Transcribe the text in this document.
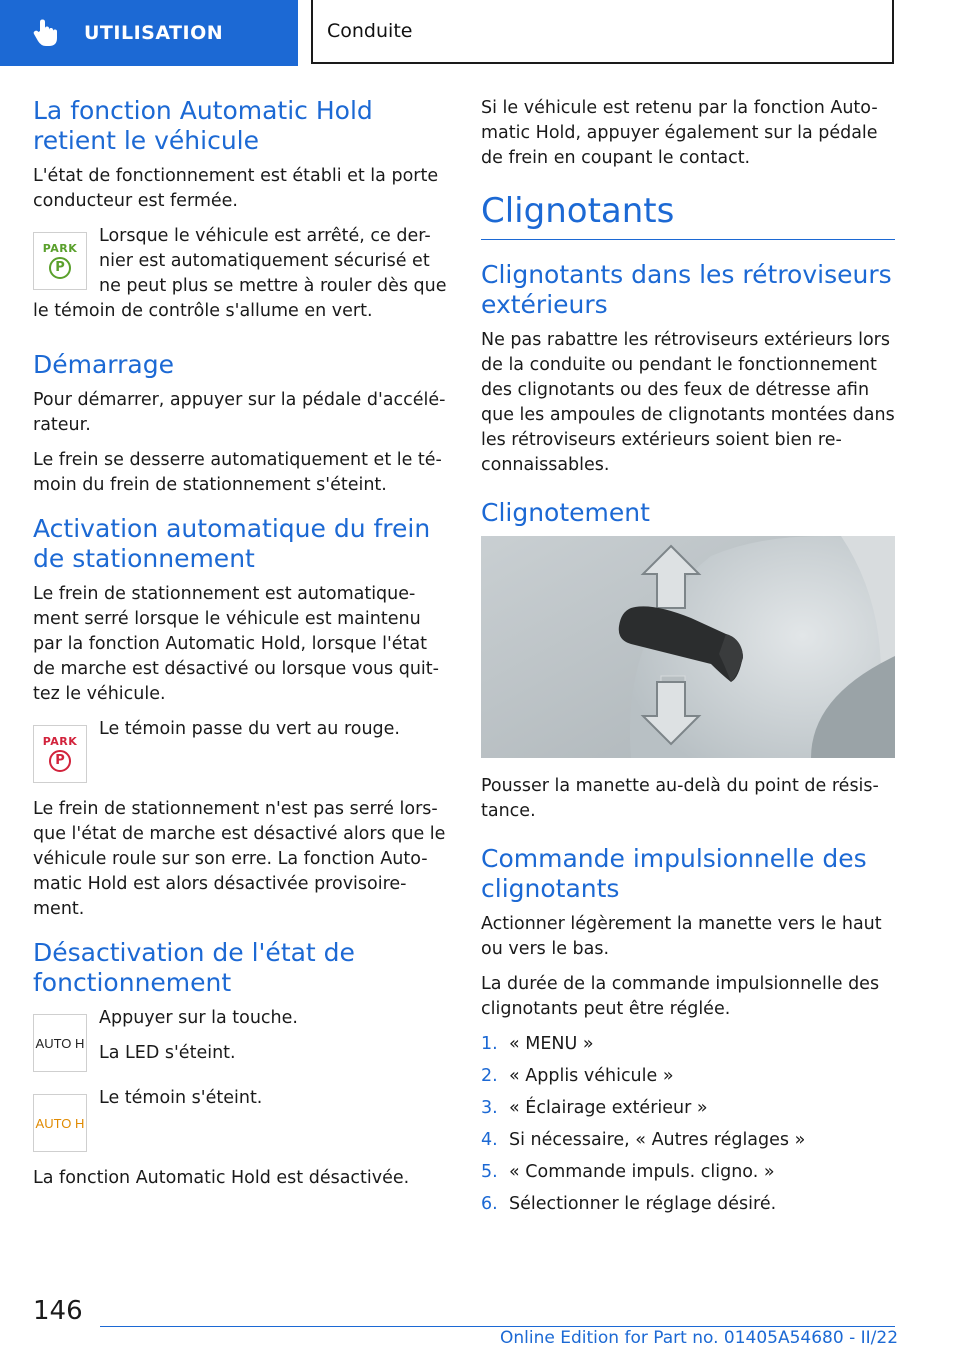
UTILISATION	Conduite
La fonction Automatic Hold retient le véhicule

L'état de fonctionnement est établi et la porte conducteur est fermée.

PARK
P

Lorsque le véhicule est arrêté, ce der-nier est automatiquement sécurisé et ne peut plus se mettre à rouler dès que le témoin de contrôle s'allume en vert.

Démarrage

Pour démarrer, appuyer sur la pédale d'accélé-rateur.

Le frein se desserre automatiquement et le té-moin du frein de stationnement s'éteint.

Activation automatique du frein de stationnement

Le frein de stationnement est automatique-ment serré lorsque le véhicule est maintenu par la fonction Automatic Hold, lorsque l'état de marche est désactivé ou lorsque vous quit-tez le véhicule.

PARK
P

Le témoin passe du vert au rouge.

Le frein de stationnement n'est pas serré lors-que l'état de marche est désactivé alors que le véhicule roule sur son erre. La fonction Auto-matic Hold est alors désactivée provisoire-ment.

Désactivation de l'état de fonctionnement
AUTO H

Appuyer sur la touche.

La LED s'éteint.

AUTO H

Le témoin s'éteint.

La fonction Automatic Hold est désactivée.

Si le véhicule est retenu par la fonction Auto-matic Hold, appuyer également sur la pédale de frein en coupant le contact.

Clignotants
Clignotants dans les rétroviseurs extérieurs

Ne pas rabattre les rétroviseurs extérieurs lors de la conduite ou pendant le fonctionnement des clignotants ou des feux de détresse afin que les ampoules de clignotants montées dans les rétroviseurs extérieurs soient bien re-connaissables.

Clignotement

Pousser la manette au-delà du point de résis-tance.

Commande impulsionnelle des clignotants

Actionner légèrement la manette vers le haut ou vers le bas.

La durée de la commande impulsionnelle des clignotants peut être réglée.

1. « MENU »
2. « Applis véhicule »
3. « Éclairage extérieur »
4. Si nécessaire, « Autres réglages »
5. « Commande impuls. cligno. »
6. Sélectionner le réglage désiré.
146
Online Edition for Part no. 01405A54680 - II/22
